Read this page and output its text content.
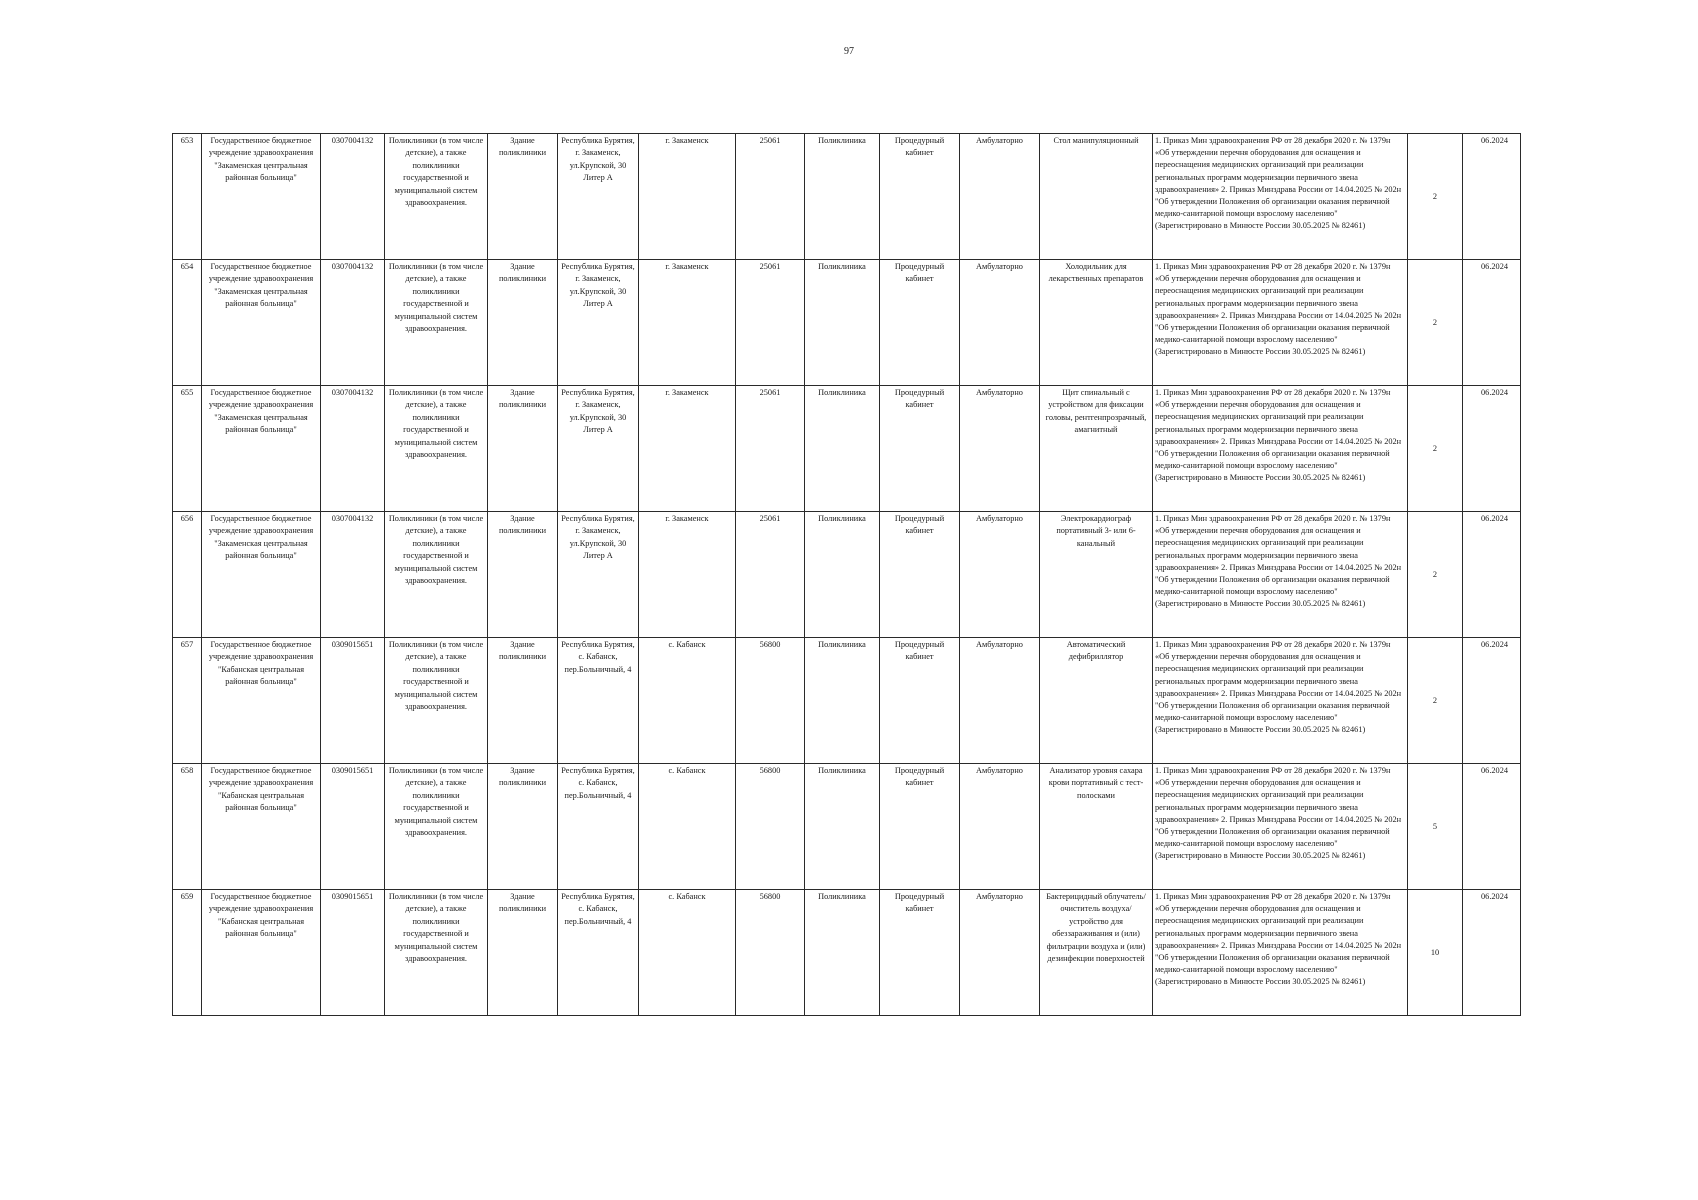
97
653	Государственное бюджетное учреждение здравоохранения "Закаменская центральная районная больница"	0307004132	Поликлиники (в том числе детские), а также поликлиники государственной и муниципальной систем здравоохранения.	Здание поликлиники	Республика Бурятия, г. Закаменск, ул.Крупской, 30 Литер А	г. Закаменск	25061	Поликлиника	Процедурный кабинет	Амбулаторно	Стол манипуляционный	1. Приказ Мин здравоохранения РФ от 28 декабря 2020 г. № 1379н «Об утверждении перечня оборудования для оснащения и переоснащения медицинских организаций при реализации региональных программ модернизации первичного звена здравоохранения» 2. Приказ Минздрава России от 14.04.2025 № 202н "Об утверждении Положения об организации оказания первичной медико-санитарной помощи взрослому населению" (Зарегистрировано в Минюсте России 30.05.2025 № 82461)	2	06.2024
654	Государственное бюджетное учреждение здравоохранения "Закаменская центральная районная больница"	0307004132	Поликлиники (в том числе детские), а также поликлиники государственной и муниципальной систем здравоохранения.	Здание поликлиники	Республика Бурятия, г. Закаменск, ул.Крупской, 30 Литер А	г. Закаменск	25061	Поликлиника	Процедурный кабинет	Амбулаторно	Холодильник для лекарственных препаратов	1. Приказ Мин здравоохранения РФ от 28 декабря 2020 г. № 1379н «Об утверждении перечня оборудования для оснащения и переоснащения медицинских организаций при реализации региональных программ модернизации первичного звена здравоохранения» 2. Приказ Минздрава России от 14.04.2025 № 202н "Об утверждении Положения об организации оказания первичной медико-санитарной помощи взрослому населению" (Зарегистрировано в Минюсте России 30.05.2025 № 82461)	2	06.2024
655	Государственное бюджетное учреждение здравоохранения "Закаменская центральная районная больница"	0307004132	Поликлиники (в том числе детские), а также поликлиники государственной и муниципальной систем здравоохранения.	Здание поликлиники	Республика Бурятия, г. Закаменск, ул.Крупской, 30 Литер А	г. Закаменск	25061	Поликлиника	Процедурный кабинет	Амбулаторно	Щит спинальный с устройством для фиксации головы, рентгенпрозрачный, амагнитный	1. Приказ Мин здравоохранения РФ от 28 декабря 2020 г. № 1379н «Об утверждении перечня оборудования для оснащения и переоснащения медицинских организаций при реализации региональных программ модернизации первичного звена здравоохранения» 2. Приказ Минздрава России от 14.04.2025 № 202н "Об утверждении Положения об организации оказания первичной медико-санитарной помощи взрослому населению" (Зарегистрировано в Минюсте России 30.05.2025 № 82461)	2	06.2024
656	Государственное бюджетное учреждение здравоохранения "Закаменская центральная районная больница"	0307004132	Поликлиники (в том числе детские), а также поликлиники государственной и муниципальной систем здравоохранения.	Здание поликлиники	Республика Бурятия, г. Закаменск, ул.Крупской, 30 Литер А	г. Закаменск	25061	Поликлиника	Процедурный кабинет	Амбулаторно	Электрокардиограф портативный 3- или 6-канальный	1. Приказ Мин здравоохранения РФ от 28 декабря 2020 г. № 1379н «Об утверждении перечня оборудования для оснащения и переоснащения медицинских организаций при реализации региональных программ модернизации первичного звена здравоохранения» 2. Приказ Минздрава России от 14.04.2025 № 202н "Об утверждении Положения об организации оказания первичной медико-санитарной помощи взрослому населению" (Зарегистрировано в Минюсте России 30.05.2025 № 82461)	2	06.2024
657	Государственное бюджетное учреждение здравоохранения "Кабанская центральная районная больница"	0309015651	Поликлиники (в том числе детские), а также поликлиники государственной и муниципальной систем здравоохранения.	Здание поликлиники	Республика Бурятия, с. Кабанск, пер.Больничный, 4	с. Кабанск	56800	Поликлиника	Процедурный кабинет	Амбулаторно	Автоматический дефибриллятор	1. Приказ Мин здравоохранения РФ от 28 декабря 2020 г. № 1379н «Об утверждении перечня оборудования для оснащения и переоснащения медицинских организаций при реализации региональных программ модернизации первичного звена здравоохранения» 2. Приказ Минздрава России от 14.04.2025 № 202н "Об утверждении Положения об организации оказания первичной медико-санитарной помощи взрослому населению" (Зарегистрировано в Минюсте России 30.05.2025 № 82461)	2	06.2024
658	Государственное бюджетное учреждение здравоохранения "Кабанская центральная районная больница"	0309015651	Поликлиники (в том числе детские), а также поликлиники государственной и муниципальной систем здравоохранения.	Здание поликлиники	Республика Бурятия, с. Кабанск, пер.Больничный, 4	с. Кабанск	56800	Поликлиника	Процедурный кабинет	Амбулаторно	Анализатор уровня сахара крови портативный с тест-полосками	1. Приказ Мин здравоохранения РФ от 28 декабря 2020 г. № 1379н «Об утверждении перечня оборудования для оснащения и переоснащения медицинских организаций при реализации региональных программ модернизации первичного звена здравоохранения» 2. Приказ Минздрава России от 14.04.2025 № 202н "Об утверждении Положения об организации оказания первичной медико-санитарной помощи взрослому населению" (Зарегистрировано в Минюсте России 30.05.2025 № 82461)	5	06.2024
659	Государственное бюджетное учреждение здравоохранения "Кабанская центральная районная больница"	0309015651	Поликлиники (в том числе детские), а также поликлиники государственной и муниципальной систем здравоохранения.	Здание поликлиники	Республика Бурятия, с. Кабанск, пер.Больничный, 4	с. Кабанск	56800	Поликлиника	Процедурный кабинет	Амбулаторно	Бактерицидный облучатель/очиститель воздуха/устройство для обеззараживания и (или) фильтрации воздуха и (или) дезинфекции поверхностей	1. Приказ Мин здравоохранения РФ от 28 декабря 2020 г. № 1379н «Об утверждении перечня оборудования для оснащения и переоснащения медицинских организаций при реализации региональных программ модернизации первичного звена здравоохранения» 2. Приказ Минздрава России от 14.04.2025 № 202н "Об утверждении Положения об организации оказания первичной медико-санитарной помощи взрослому населению" (Зарегистрировано в Минюсте России 30.05.2025 № 82461)	10	06.2024
